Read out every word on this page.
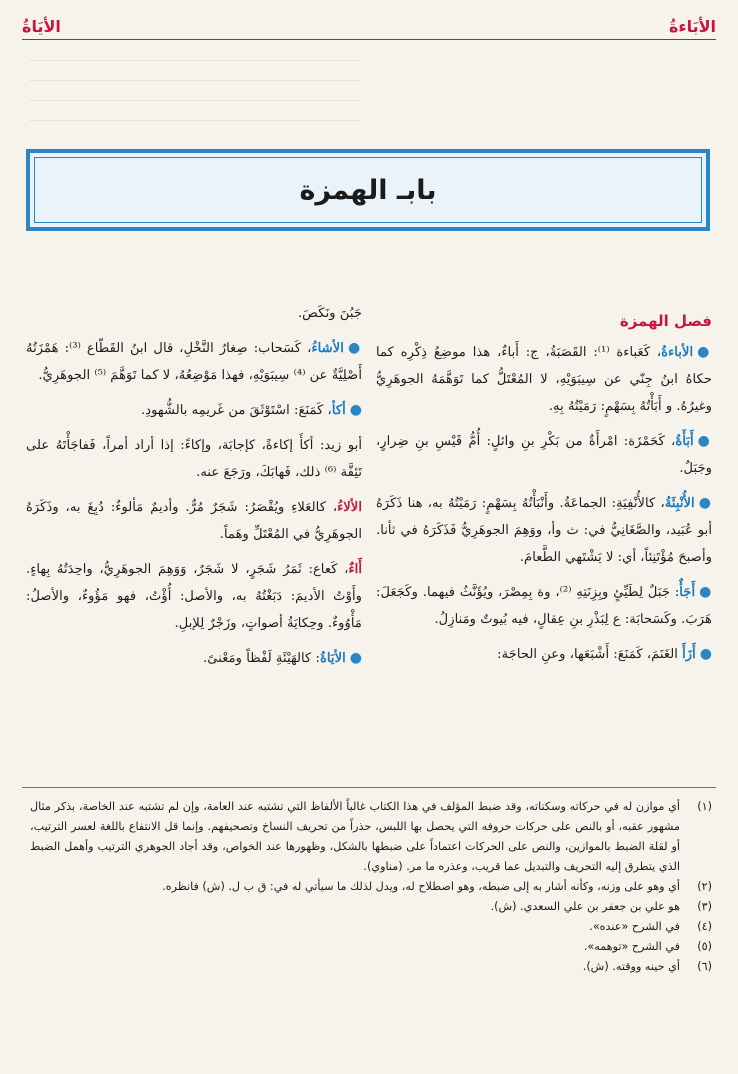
الأيَاةُ	الأبَاءةُ
بابـ الهمزة
فصل الهمزة

●الأباءةُ، كَعَباءة ⁽¹⁾: القَصَبَةُ، ج: أَباءٌ، هذا موضِعُ ذِكْرِه كما حكاهُ ابنُ جِنّي عن سِيبَوَيْهِ، لا المُعْتَلُّ كما تَوَهَّمَهُ الجوهَرِيُّ وغيرُهُ. و أَبَأْتُهُ بِسَهْمٍ: رَمَيْتُهُ بِهِ.

●أَبَأَةُ، كَحَمْزَة: امْرأَةٌ من بَكْرِ بنِ وائلٍ: أُمُّ قَيْسِ بنِ ضِرارٍ، وجَبَلٌ.

●الأُنْبِئَةُ، كالأُنْفِيَةِ: الجماعَةُ. وأَنْبَأْتُهُ بِسَهْمٍ: رَمَيْتُهُ به، هنا ذَكَرَهُ أبو عُبَيد، والصَّغَانِيُّ في: ث وأ، ووَهِمَ الجوهَرِيُّ فَذَكَرَهُ في ثأنا. وأصبحَ مُؤْتَنِئاً، أي: لا يَشْتَهي الطَّعامَ.

●أَجَأٌ: جَبَلٌ لِطَيِّئٍ وبِزِنَتِهِ ⁽²⁾، وة بِمِصْرَ، ويُؤَنَّثُ فيهما. وكَجَعَلَ: هَرَبَ. وكَسَحابَة: ع لِبَذْرِ بنِ عِقالٍ، فيه بُيوتٌ ومَنازِلُ.

●أَزَأَ الغَنَمَ، كَمَنَعَ: أَشْبَعَها، وعنِ الحاجَة:

جَبُنَ ونَكَصَ.

●الأشاءُ، كَسَحاب: صِغارُ النَّخْلِ، قال ابنُ القَطّاع ⁽³⁾: هَمْزَتُهُ أَصْلِيَّةٌ عن ⁽⁴⁾ سِيبَوَيْهِ، فهذا مَوْضِعُهُ، لا كما تَوَهَّمَ ⁽⁵⁾ الجوهَرِيُّ.

●أكأ، كَمَنَعَ: اسْتَوْثَقَ من غَريمِه بالشُّهودِ.

أبو زيد: أكأَ إكاءةً، كإجابَة، وإكاءً: إذا أراد أمراً، فَفاجَأْتَهُ على تَئِفَّة ⁽⁶⁾ ذلك، فَهابَكَ، ورَجَعَ عنه.

الألاءُ، كالعَلاءِ ويُقْصَرُ: شَجَرٌ مُرٌّ. وأديمٌ مَألوءٌ: دُبِغَ به، وذَكَرَهُ الجوهَرِيُّ في المُعْتَلِّ وهَماً.

أَاءٌ، كَعاع: ثَمَرُ شَجَرٍ، لا شَجَرٌ، وَوَهِمَ الجوهَرِيُّ، واحِدَتُهُ بِهاءٍ. وأَوْتُ الأديمَ: دَبَغْتُهُ به، والأصل: أُؤْتُ، فهو مَؤُوءٌ، والأصلُ: مَأْوُوءٌ. وحِكايَةُ أصواتٍ، وزَجْرٌ لِلإبلِ.

●الأيَاةُ: كالهَيْئَةِ لَفْظاً ومَعْنىً.

(١)
أي موازن له في حركاته وسكناته، وقد ضبط المؤلف في هذا الكتاب غالباً الألفاظ التي تشتبه عند العامة، وإن لم تشتبه عند الخاصة، بذكر مثال مشهور عقبه، أو بالنص على حركات حروفه التي يحصل بها اللبس، حذراً من تحريف النساخ وتصحيفهم. وإنما قل الانتفاع باللغة لعسر الترتيب، أو لقلة الضبط بالموازين، والنص على الحركات اعتماداً على ضبطها بالشكل، وظهورها عند الخواص، وقد أجاد الجوهري الترتيب وأهمل الضبط الذي يتطرق إليه التحريف والتبديل عما قريب، وعذره ما مر. (مناوي).
(٢)
أي وهو على وزنه، وكأنه أشار به إلى ضبطه، وهو اصطلاح له، ويدل لذلك ما سيأتي له في: ق ب ل. (ش) فانظره.
(٣)
هو علي بن جعفر بن علي السعدي. (ش).
(٤)
في الشرح «عنده».
(٥)
في الشرح «توهمه».
(٦)
أي حينه ووقته. (ش).
